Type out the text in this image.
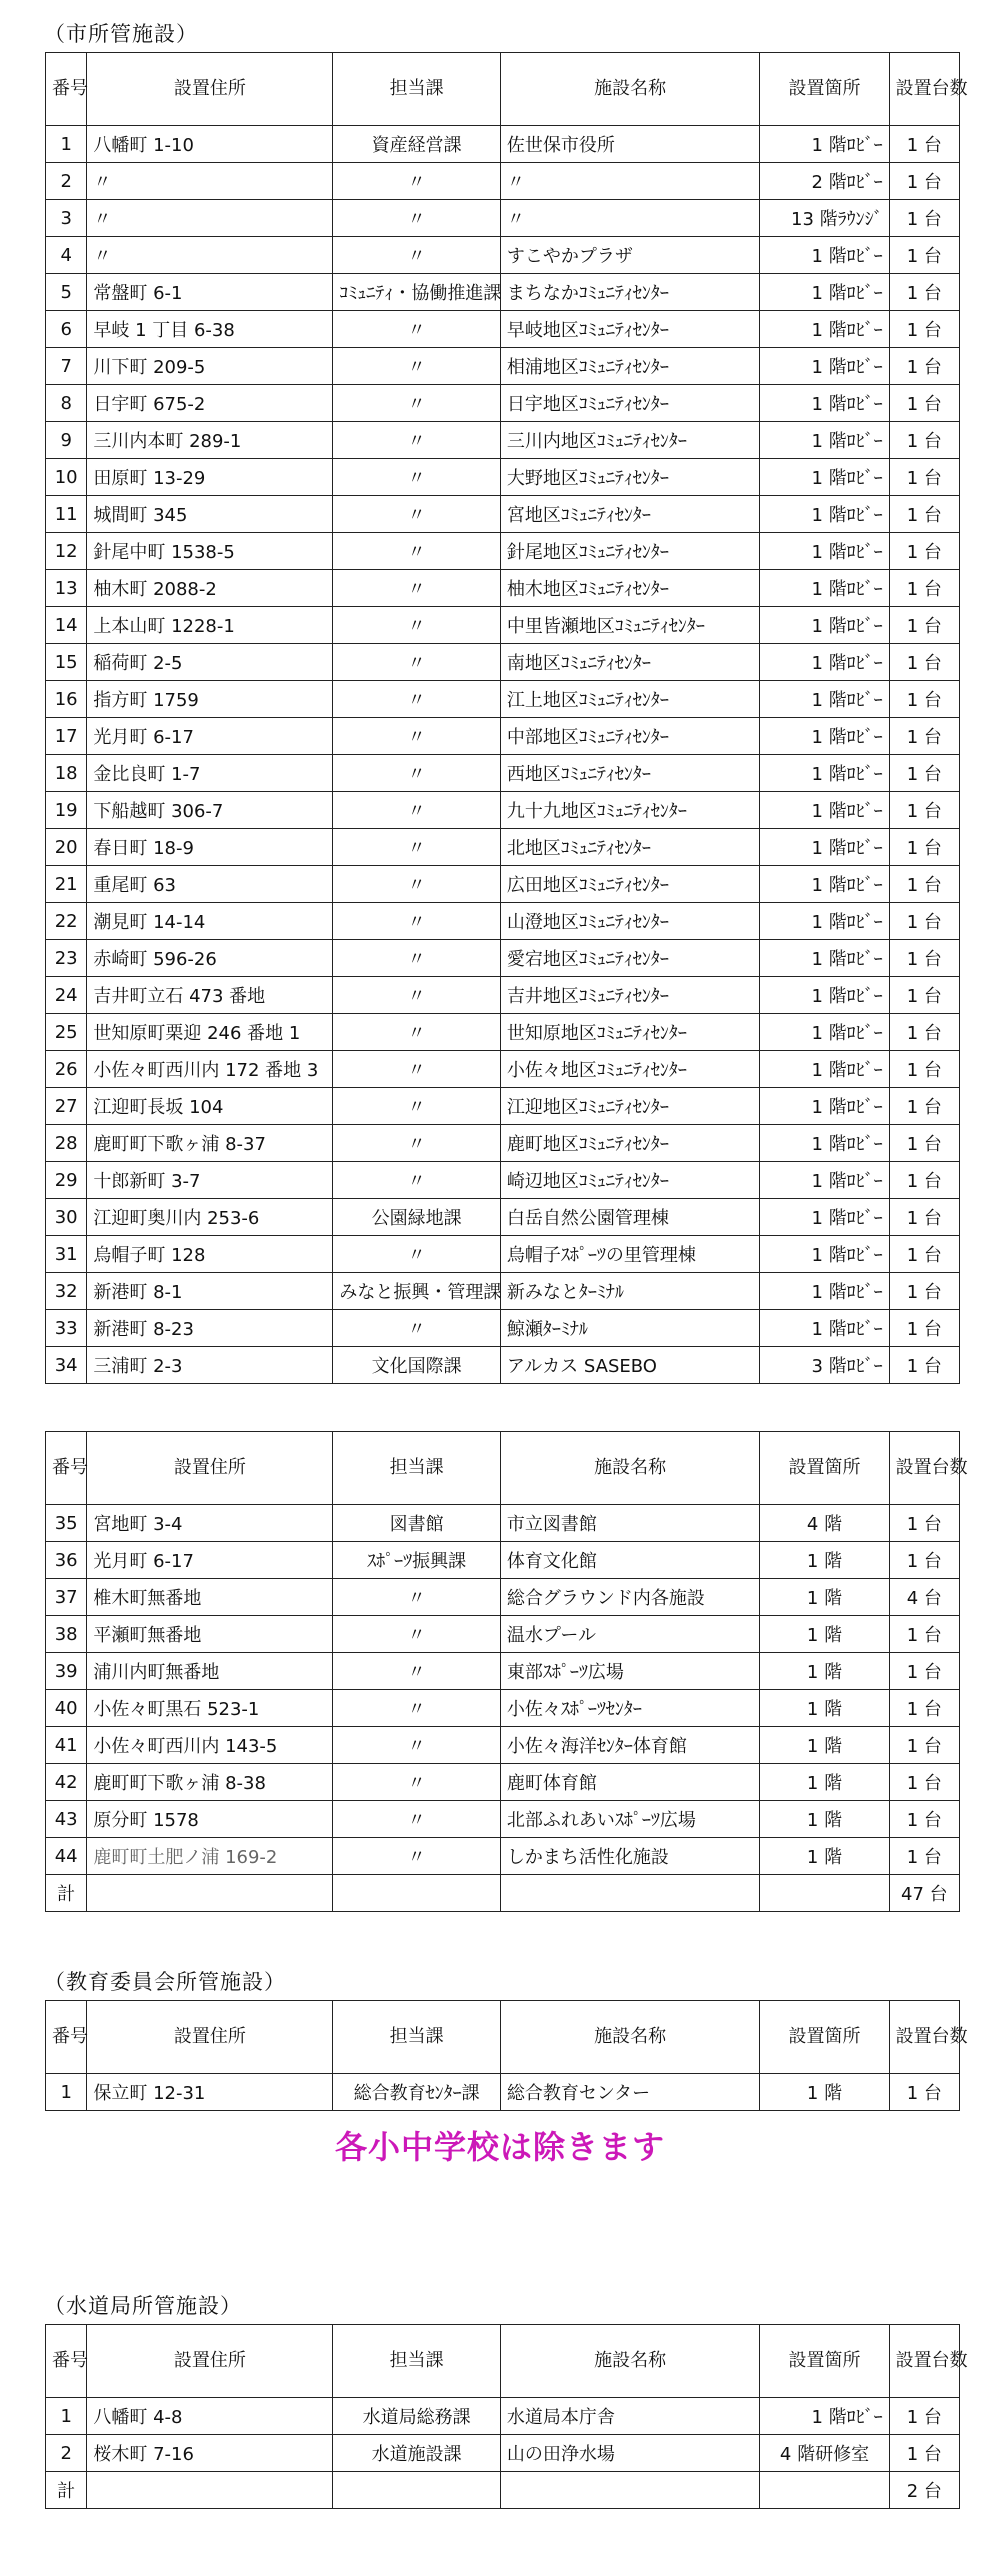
（市所管施設）
番号	設置住所	担当課	施設名称	設置箇所	設置台数
1	八幡町 1-10	資産経営課	佐世保市役所	1 階ﾛﾋﾞｰ	1 台
2	〃	〃	〃	2 階ﾛﾋﾞｰ	1 台
3	〃	〃	〃	13 階ﾗｳﾝｼﾞ	1 台
4	〃	〃	すこやかプラザ	1 階ﾛﾋﾞｰ	1 台
5	常盤町 6-1	ｺﾐｭﾆﾃｨ・協働推進課	まちなかｺﾐｭﾆﾃｨｾﾝﾀｰ	1 階ﾛﾋﾞｰ	1 台
6	早岐 1 丁目 6-38	〃	早岐地区ｺﾐｭﾆﾃｨｾﾝﾀｰ	1 階ﾛﾋﾞｰ	1 台
7	川下町 209-5	〃	相浦地区ｺﾐｭﾆﾃｨｾﾝﾀｰ	1 階ﾛﾋﾞｰ	1 台
8	日宇町 675-2	〃	日宇地区ｺﾐｭﾆﾃｨｾﾝﾀｰ	1 階ﾛﾋﾞｰ	1 台
9	三川内本町 289-1	〃	三川内地区ｺﾐｭﾆﾃｨｾﾝﾀｰ	1 階ﾛﾋﾞｰ	1 台
10	田原町 13-29	〃	大野地区ｺﾐｭﾆﾃｨｾﾝﾀｰ	1 階ﾛﾋﾞｰ	1 台
11	城間町 345	〃	宮地区ｺﾐｭﾆﾃｨｾﾝﾀｰ	1 階ﾛﾋﾞｰ	1 台
12	針尾中町 1538-5	〃	針尾地区ｺﾐｭﾆﾃｨｾﾝﾀｰ	1 階ﾛﾋﾞｰ	1 台
13	柚木町 2088-2	〃	柚木地区ｺﾐｭﾆﾃｨｾﾝﾀｰ	1 階ﾛﾋﾞｰ	1 台
14	上本山町 1228-1	〃	中里皆瀬地区ｺﾐｭﾆﾃｨｾﾝﾀｰ	1 階ﾛﾋﾞｰ	1 台
15	稲荷町 2-5	〃	南地区ｺﾐｭﾆﾃｨｾﾝﾀｰ	1 階ﾛﾋﾞｰ	1 台
16	指方町 1759	〃	江上地区ｺﾐｭﾆﾃｨｾﾝﾀｰ	1 階ﾛﾋﾞｰ	1 台
17	光月町 6-17	〃	中部地区ｺﾐｭﾆﾃｨｾﾝﾀｰ	1 階ﾛﾋﾞｰ	1 台
18	金比良町 1-7	〃	西地区ｺﾐｭﾆﾃｨｾﾝﾀｰ	1 階ﾛﾋﾞｰ	1 台
19	下船越町 306-7	〃	九十九地区ｺﾐｭﾆﾃｨｾﾝﾀｰ	1 階ﾛﾋﾞｰ	1 台
20	春日町 18-9	〃	北地区ｺﾐｭﾆﾃｨｾﾝﾀｰ	1 階ﾛﾋﾞｰ	1 台
21	重尾町 63	〃	広田地区ｺﾐｭﾆﾃｨｾﾝﾀｰ	1 階ﾛﾋﾞｰ	1 台
22	潮見町 14-14	〃	山澄地区ｺﾐｭﾆﾃｨｾﾝﾀｰ	1 階ﾛﾋﾞｰ	1 台
23	赤崎町 596-26	〃	愛宕地区ｺﾐｭﾆﾃｨｾﾝﾀｰ	1 階ﾛﾋﾞｰ	1 台
24	吉井町立石 473 番地	〃	吉井地区ｺﾐｭﾆﾃｨｾﾝﾀｰ	1 階ﾛﾋﾞｰ	1 台
25	世知原町栗迎 246 番地 1	〃	世知原地区ｺﾐｭﾆﾃｨｾﾝﾀｰ	1 階ﾛﾋﾞｰ	1 台
26	小佐々町西川内 172 番地 3	〃	小佐々地区ｺﾐｭﾆﾃｨｾﾝﾀｰ	1 階ﾛﾋﾞｰ	1 台
27	江迎町長坂 104	〃	江迎地区ｺﾐｭﾆﾃｨｾﾝﾀｰ	1 階ﾛﾋﾞｰ	1 台
28	鹿町町下歌ヶ浦 8-37	〃	鹿町地区ｺﾐｭﾆﾃｨｾﾝﾀｰ	1 階ﾛﾋﾞｰ	1 台
29	十郎新町 3-7	〃	崎辺地区ｺﾐｭﾆﾃｨｾﾝﾀｰ	1 階ﾛﾋﾞｰ	1 台
30	江迎町奥川内 253-6	公園緑地課	白岳自然公園管理棟	1 階ﾛﾋﾞｰ	1 台
31	烏帽子町 128	〃	烏帽子ｽﾎﾟｰﾂの里管理棟	1 階ﾛﾋﾞｰ	1 台
32	新港町 8-1	みなと振興・管理課	新みなとﾀｰﾐﾅﾙ	1 階ﾛﾋﾞｰ	1 台
33	新港町 8-23	〃	鯨瀬ﾀｰﾐﾅﾙ	1 階ﾛﾋﾞｰ	1 台
34	三浦町 2-3	文化国際課	アルカス SASEBO	3 階ﾛﾋﾞｰ	1 台
番号	設置住所	担当課	施設名称	設置箇所	設置台数
35	宮地町 3-4	図書館	市立図書館	4 階	1 台
36	光月町 6-17	ｽﾎﾟｰﾂ振興課	体育文化館	1 階	1 台
37	椎木町無番地	〃	総合グラウンド内各施設	1 階	4 台
38	平瀬町無番地	〃	温水プール	1 階	1 台
39	浦川内町無番地	〃	東部ｽﾎﾟｰﾂ広場	1 階	1 台
40	小佐々町黒石 523-1	〃	小佐々ｽﾎﾟｰﾂｾﾝﾀｰ	1 階	1 台
41	小佐々町西川内 143-5	〃	小佐々海洋ｾﾝﾀｰ体育館	1 階	1 台
42	鹿町町下歌ヶ浦 8-38	〃	鹿町体育館	1 階	1 台
43	原分町 1578	〃	北部ふれあいｽﾎﾟｰﾂ広場	1 階	1 台
44	鹿町町土肥ノ浦 169-2	〃	しかまち活性化施設	1 階	1 台
計					47 台
（教育委員会所管施設）
番号	設置住所	担当課	施設名称	設置箇所	設置台数
1	保立町 12-31	総合教育ｾﾝﾀｰ課	総合教育センター	1 階	1 台
各小中学校は除きます
（水道局所管施設）
番号	設置住所	担当課	施設名称	設置箇所	設置台数
1	八幡町 4-8	水道局総務課	水道局本庁舎	1 階ﾛﾋﾞｰ	1 台
2	桜木町 7-16	水道施設課	山の田浄水場	4 階研修室	1 台
計					2 台
